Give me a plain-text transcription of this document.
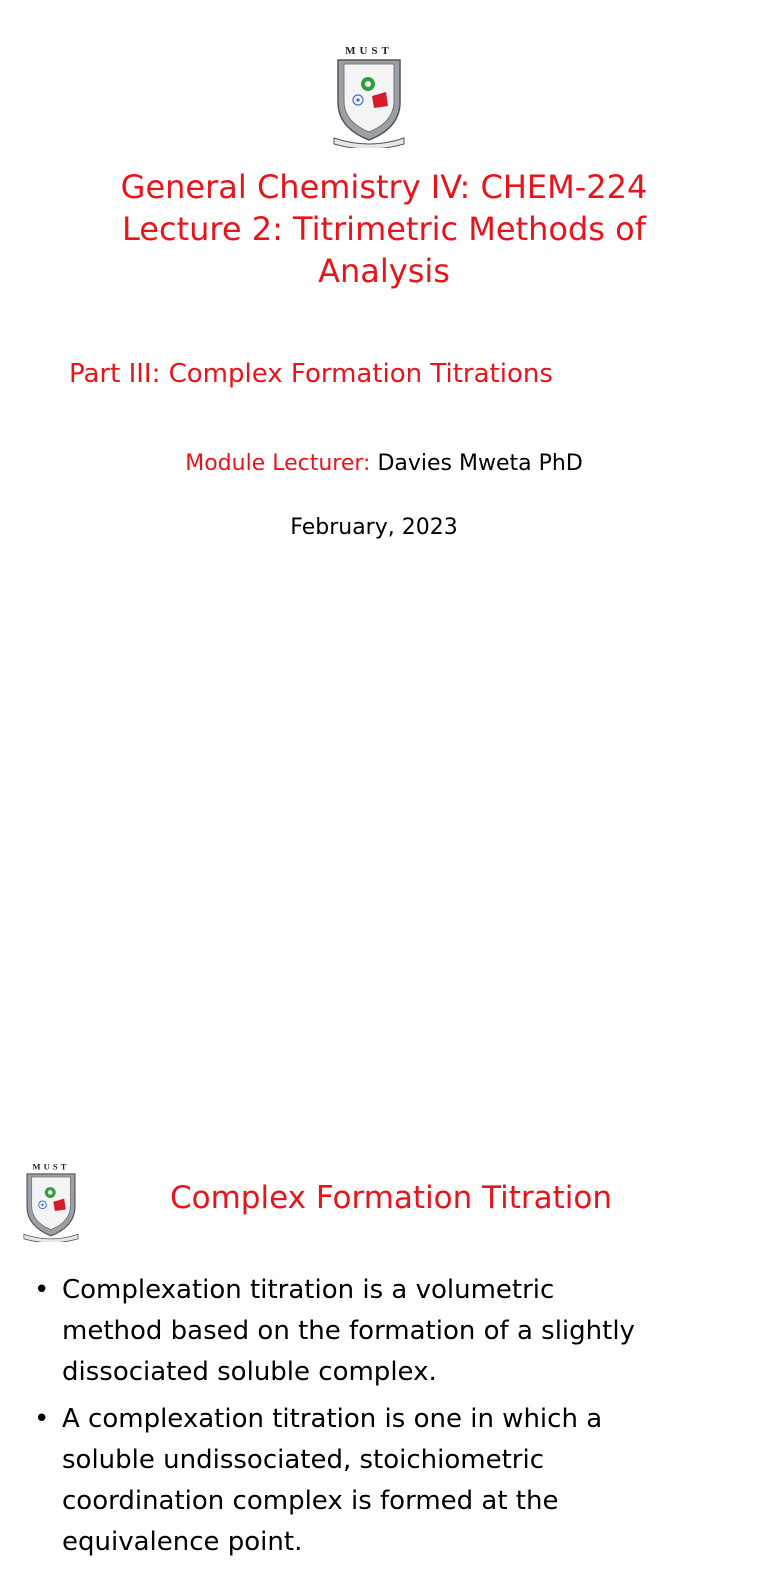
MUST
General Chemistry IV: CHEM-224
Lecture 2: Titrimetric Methods of
Analysis
Part III: Complex Formation Titrations
Module Lecturer: Davies Mweta PhD
February, 2023
MUST
Complex Formation Titration
• Complexation titration is a volumetric
method based on the formation of a slightly
dissociated soluble complex.
• A complexation titration is one in which a
soluble undissociated, stoichiometric
coordination complex is formed at the
equivalence point.
